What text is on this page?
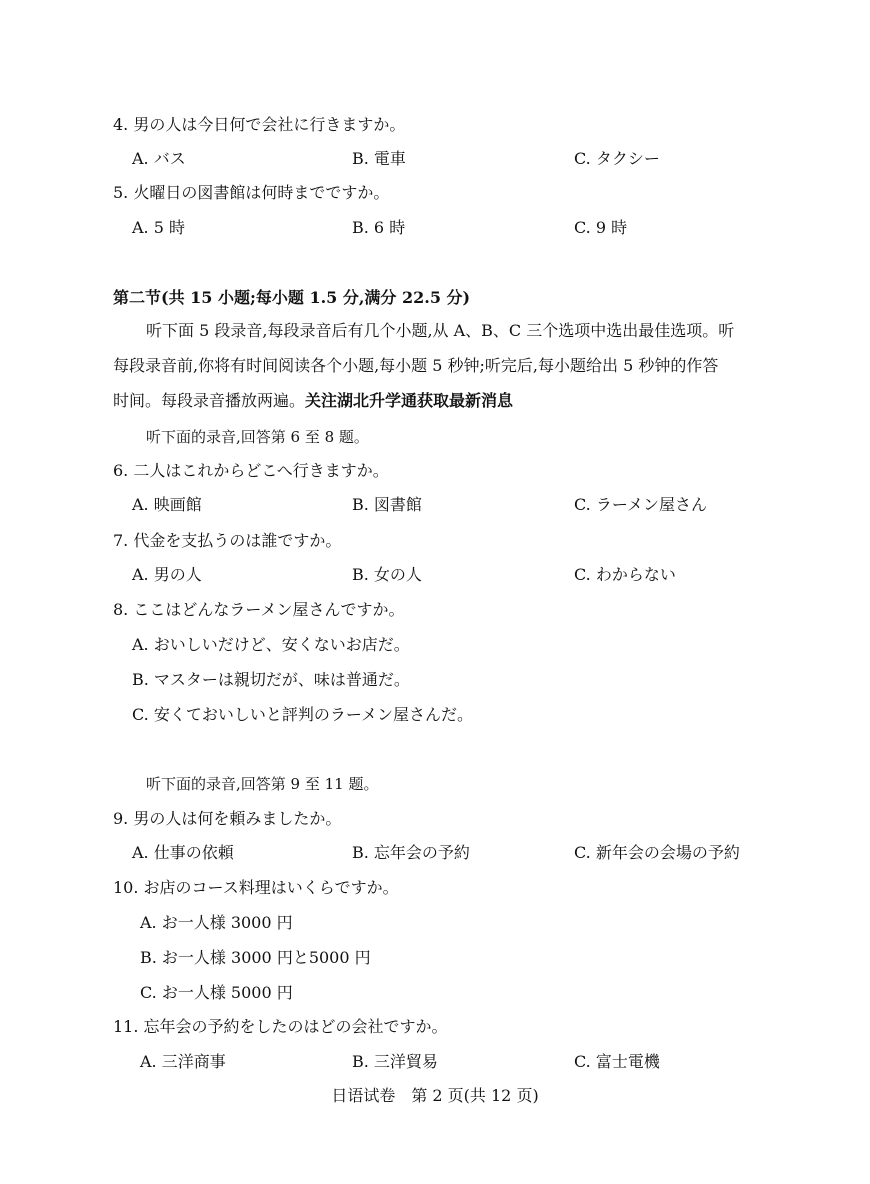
4. 男の人は今日何で会社に行きますか。
A. バス	B. 電車	C. タクシー
5. 火曜日の図書館は何時までですか。
A. 5 時	B. 6 時	C. 9 時
第二节(共 15 小题;每小题 1.5 分,满分 22.5 分)
听下面 5 段录音,每段录音后有几个小题,从 A、B、C 三个选项中选出最佳选项。听
每段录音前,你将有时间阅读各个小题,每小题 5 秒钟;听完后,每小题给出 5 秒钟的作答
时间。每段录音播放两遍。关注湖北升学通获取最新消息
听下面的录音,回答第 6 至 8 题。
6. 二人はこれからどこへ行きますか。
A. 映画館	B. 図書館	C. ラーメン屋さん
7. 代金を支払うのは誰ですか。
A. 男の人	B. 女の人	C. わからない
8. ここはどんなラーメン屋さんですか。
A. おいしいだけど、安くないお店だ。
B. マスターは親切だが、味は普通だ。
C. 安くておいしいと評判のラーメン屋さんだ。
听下面的录音,回答第 9 至 11 题。
9. 男の人は何を頼みましたか。
A. 仕事の依頼	B. 忘年会の予約	C. 新年会の会場の予約
10. お店のコース料理はいくらですか。
A. お一人様 3000 円
B. お一人様 3000 円と5000 円
C. お一人様 5000 円
11. 忘年会の予約をしたのはどの会社ですか。
A. 三洋商事	B. 三洋貿易	C. 富士電機
日语试卷　第 2 页(共 12 页)
